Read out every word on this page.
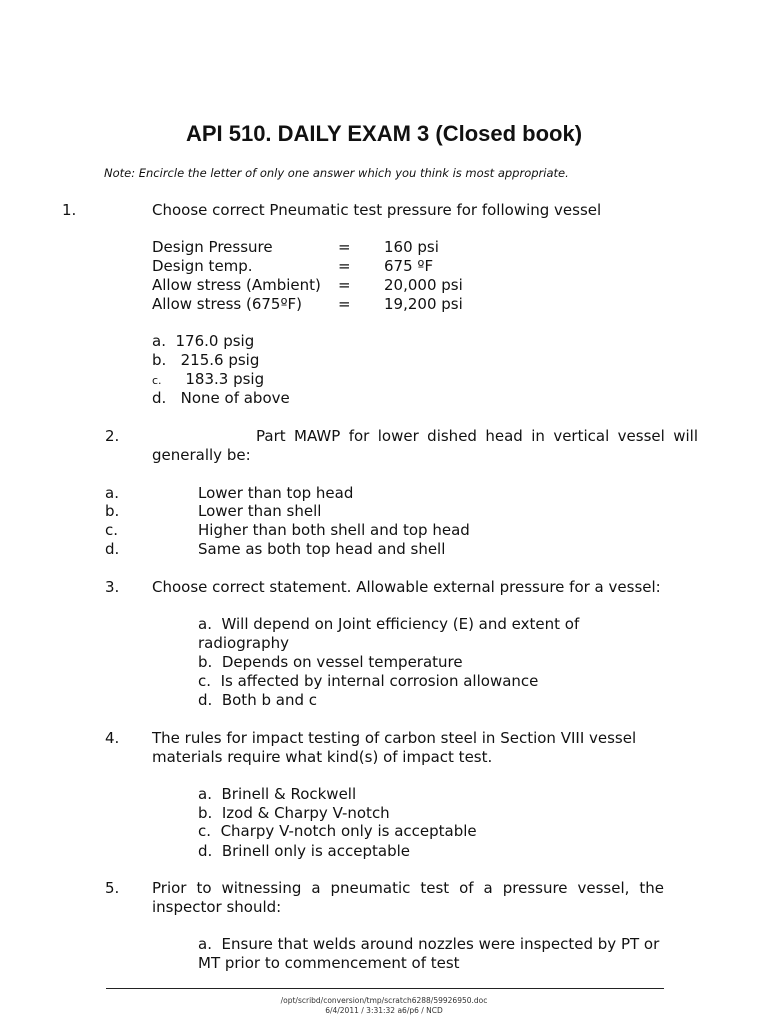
API 510. DAILY EXAM 3 (Closed book)
Note: Encircle the letter of only one answer which you think is most appropriate.
1.	Choose correct Pneumatic test pressure for following vessel
Design Pressure	= 160 psi
Design temp.	= 675 ºF
Allow stress (Ambient) = 20,000 psi
Allow stress (675ºF) = 19,200 psi
a. 176.0 psig
b. 215.6 psig
c. 183.3 psig
d. None of above
2.	Part MAWP for lower dished head in vertical vessel will generally be:
a.	Lower than top head
b.	Lower than shell
c.	Higher than both shell and top head
d.	Same as both top head and shell
3. Choose correct statement. Allowable external pressure for a vessel:
a. Will depend on Joint efficiency (E) and extent of radiography
b. Depends on vessel temperature
c. Is affected by internal corrosion allowance
d. Both b and c
4. The rules for impact testing of carbon steel in Section VIII vessel materials require what kind(s) of impact test.
a. Brinell & Rockwell
b. Izod & Charpy V-notch
c. Charpy V-notch only is acceptable
d. Brinell only is acceptable
5. Prior to witnessing a pneumatic test of a pressure vessel, the inspector should:
a. Ensure that welds around nozzles were inspected by PT or MT prior to commencement of test
/opt/scribd/conversion/tmp/scratch6288/59926950.doc
6/4/2011 / 3:31:32 a6/p6 / NCD
